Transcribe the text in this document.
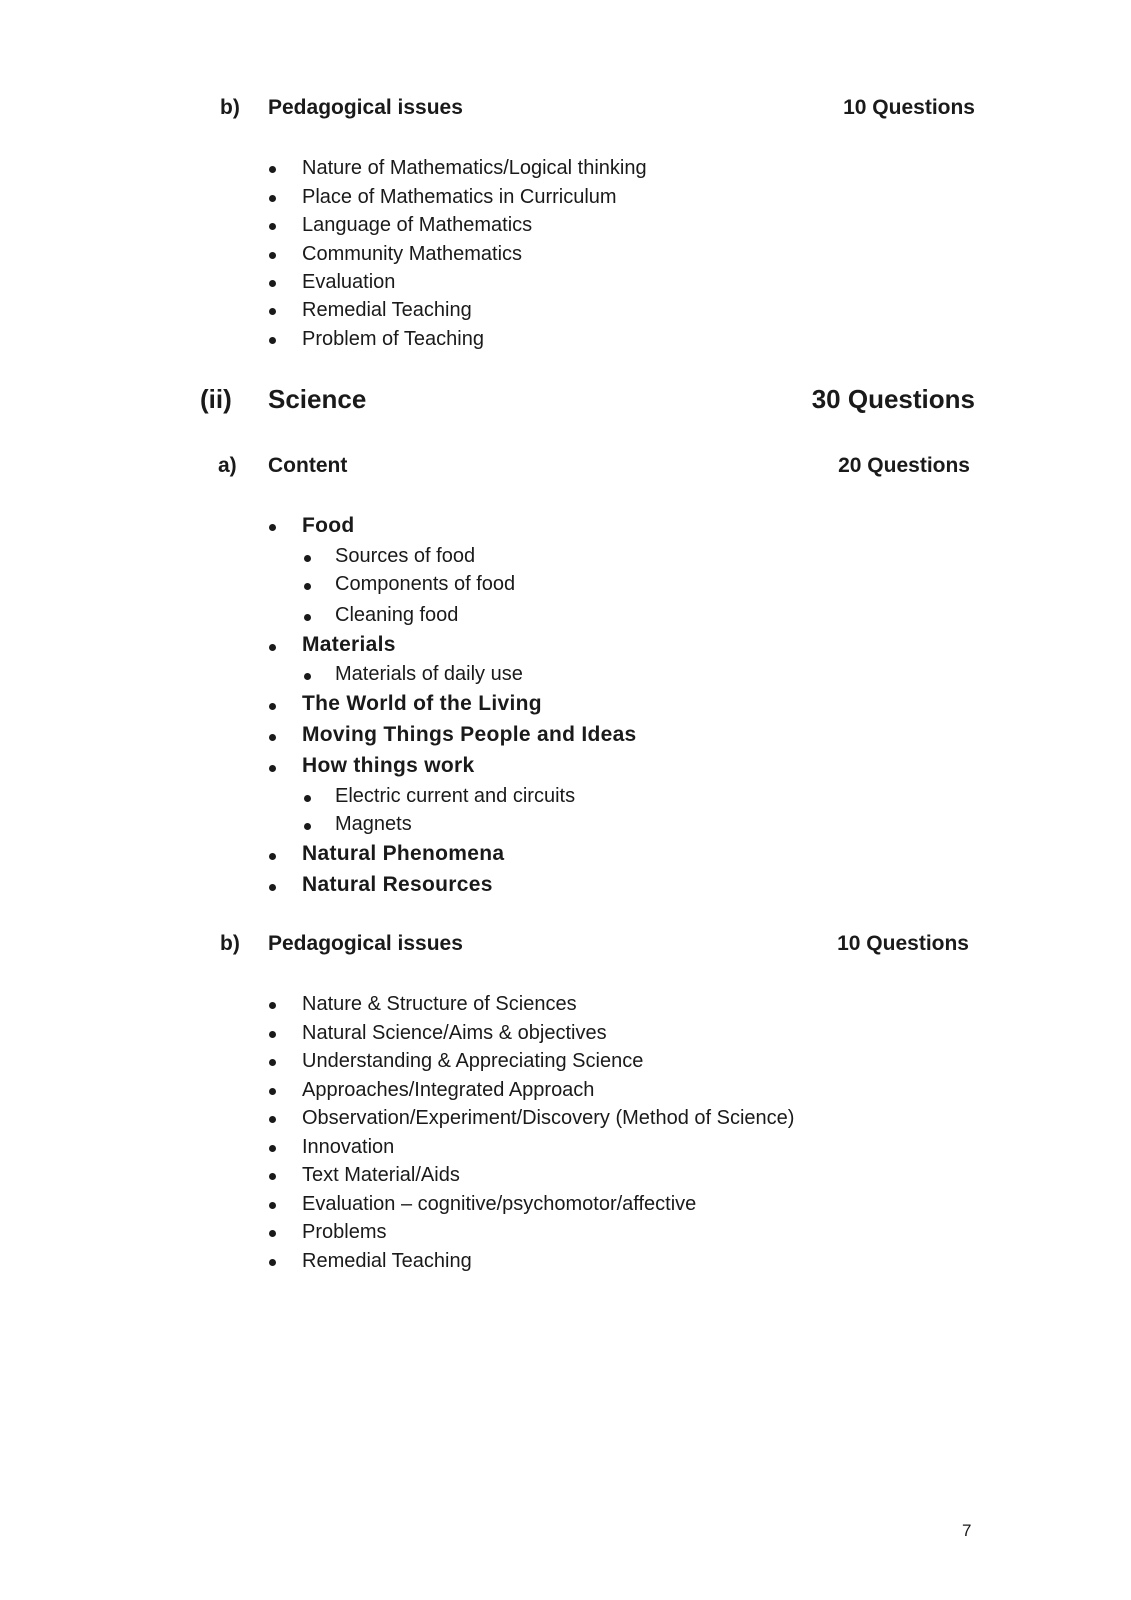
b) Pedagogical issues	10 Questions
Nature of Mathematics/Logical thinking
Place of Mathematics in Curriculum
Language of Mathematics
Community Mathematics
Evaluation
Remedial Teaching
Problem of Teaching
(ii) Science	30 Questions
a) Content	20 Questions
Food
Sources of food
Components of food
Cleaning food
Materials
Materials of daily use
The World of the Living
Moving Things People and Ideas
How things work
Electric current and circuits
Magnets
Natural Phenomena
Natural Resources
b) Pedagogical issues	10 Questions
Nature & Structure of Sciences
Natural Science/Aims & objectives
Understanding & Appreciating Science
Approaches/Integrated Approach
Observation/Experiment/Discovery (Method of Science)
Innovation
Text Material/Aids
Evaluation – cognitive/psychomotor/affective
Problems
Remedial Teaching
7
